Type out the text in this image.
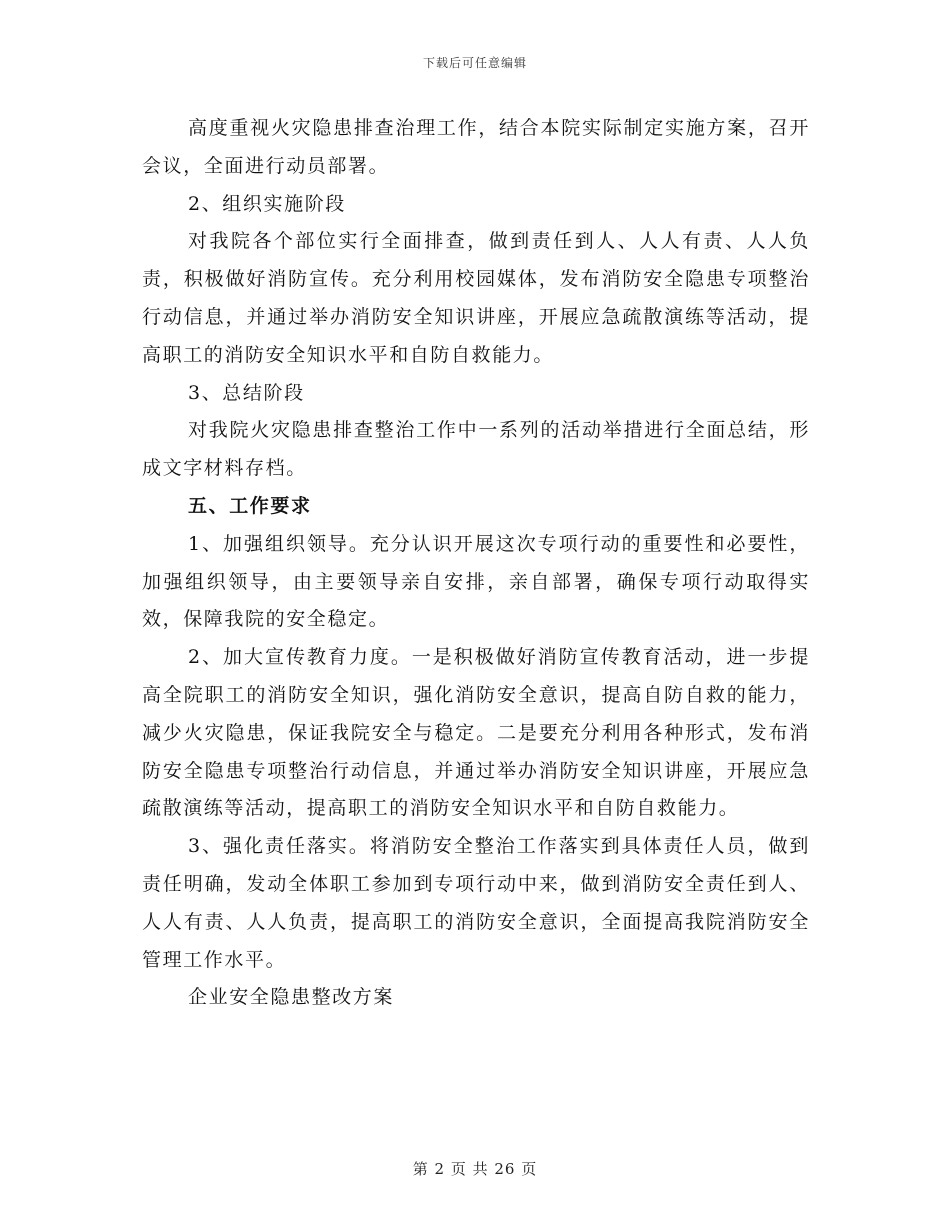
下载后可任意编辑

高度重视火灾隐患排查治理工作，结合本院实际制定实施方案，召开会议，全面进行动员部署。

2、组织实施阶段

对我院各个部位实行全面排查，做到责任到人、人人有责、人人负责，积极做好消防宣传。充分利用校园媒体，发布消防安全隐患专项整治行动信息，并通过举办消防安全知识讲座，开展应急疏散演练等活动，提高职工的消防安全知识水平和自防自救能力。

3、总结阶段

对我院火灾隐患排查整治工作中一系列的活动举措进行全面总结，形成文字材料存档。

五、工作要求

1、加强组织领导。充分认识开展这次专项行动的重要性和必要性，加强组织领导，由主要领导亲自安排，亲自部署，确保专项行动取得实效，保障我院的安全稳定。

2、加大宣传教育力度。一是积极做好消防宣传教育活动，进一步提高全院职工的消防安全知识，强化消防安全意识，提高自防自救的能力，减少火灾隐患，保证我院安全与稳定。二是要充分利用各种形式，发布消防安全隐患专项整治行动信息，并通过举办消防安全知识讲座，开展应急疏散演练等活动，提高职工的消防安全知识水平和自防自救能力。

3、强化责任落实。将消防安全整治工作落实到具体责任人员，做到责任明确，发动全体职工参加到专项行动中来，做到消防安全责任到人、人人有责、人人负责，提高职工的消防安全意识，全面提高我院消防安全管理工作水平。

企业安全隐患整改方案

第 2 页 共 26 页
